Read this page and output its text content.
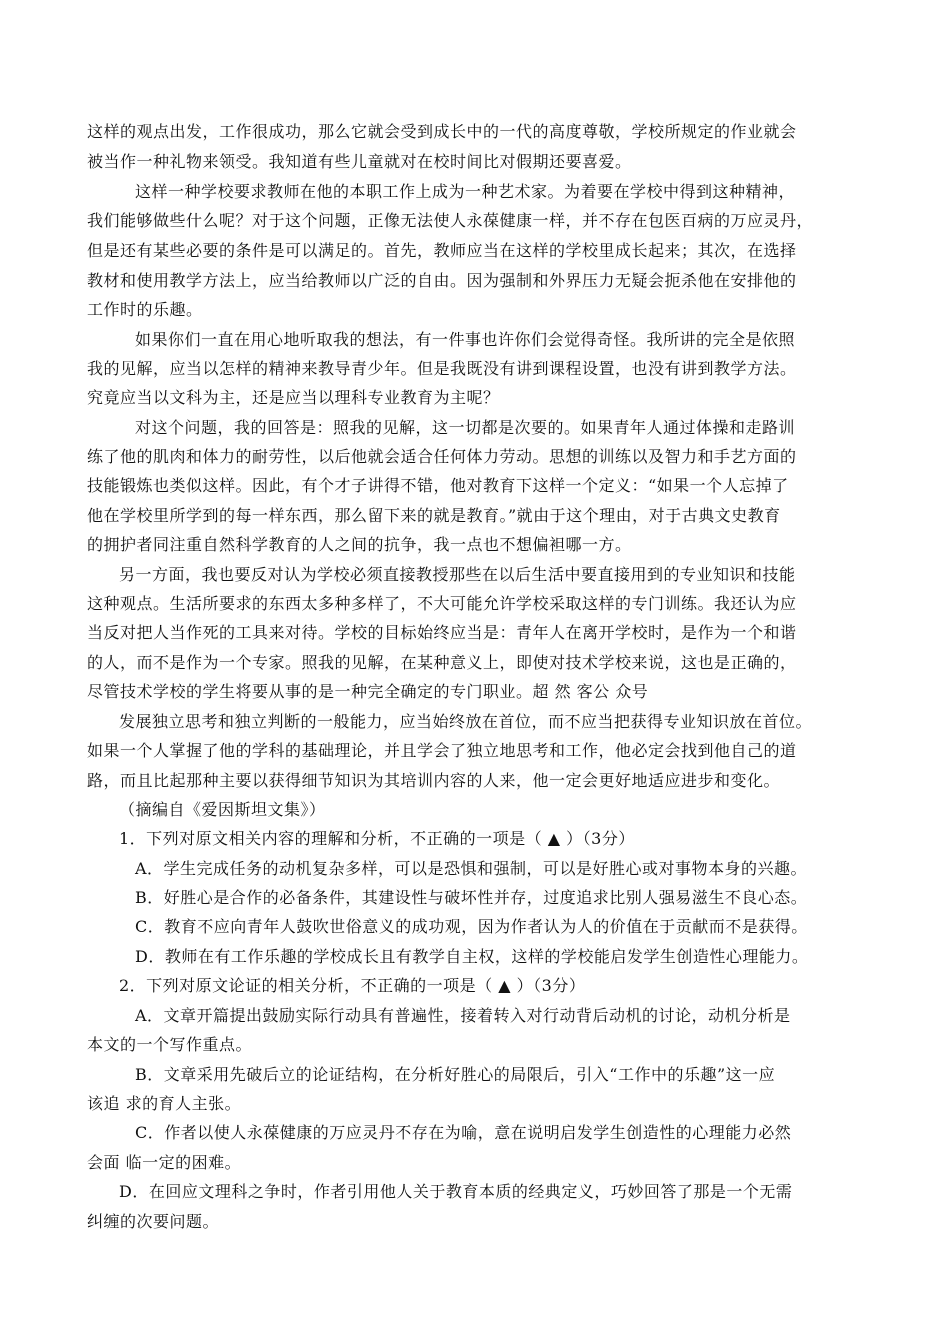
这样的观点出发，工作很成功，那么它就会受到成长中的一代的高度尊敬，学校所规定的作业就会
被当作一种礼物来领受。我知道有些儿童就对在校时间比对假期还要喜爱。
这样一种学校要求教师在他的本职工作上成为一种艺术家。为着要在学校中得到这种精神，
我们能够做些什么呢？对于这个问题，正像无法使人永葆健康一样，并不存在包医百病的万应灵丹，
但是还有某些必要的条件是可以满足的。首先，教师应当在这样的学校里成长起来；其次，在选择
教材和使用教学方法上，应当给教师以广泛的自由。因为强制和外界压力无疑会扼杀他在安排他的
工作时的乐趣。
如果你们一直在用心地听取我的想法，有一件事也许你们会觉得奇怪。我所讲的完全是依照
我的见解，应当以怎样的精神来教导青少年。但是我既没有讲到课程设置，也没有讲到教学方法。
究竟应当以文科为主，还是应当以理科专业教育为主呢？
对这个问题，我的回答是：照我的见解，这一切都是次要的。如果青年人通过体操和走路训
练了他的肌肉和体力的耐劳性，以后他就会适合任何体力劳动。思想的训练以及智力和手艺方面的
技能锻炼也类似这样。因此，有个才子讲得不错，他对教育下这样一个定义：“如果一个人忘掉了
他在学校里所学到的每一样东西，那么留下来的就是教育。”就由于这个理由，对于古典文史教育
的拥护者同注重自然科学教育的人之间的抗争，我一点也不想偏袒哪一方。
另一方面，我也要反对认为学校必须直接教授那些在以后生活中要直接用到的专业知识和技能
这种观点。生活所要求的东西太多种多样了，不大可能允许学校采取这样的专门训练。我还认为应
当反对把人当作死的工具来对待。学校的目标始终应当是：青年人在离开学校时，是作为一个和谐
的人，而不是作为一个专家。照我的见解，在某种意义上，即使对技术学校来说，这也是正确的，
尽管技术学校的学生将要从事的是一种完全确定的专门职业。超 然 客公 众号
发展独立思考和独立判断的一般能力，应当始终放在首位，而不应当把获得专业知识放在首位。
如果一个人掌握了他的学科的基础理论，并且学会了独立地思考和工作，他必定会找到他自己的道
路，而且比起那种主要以获得细节知识为其培训内容的人来，他一定会更好地适应进步和变化。
（摘编自《爱因斯坦文集》）
1．下列对原文相关内容的理解和分析，不正确的一项是（ ▲ ）（3分）
A．学生完成任务的动机复杂多样，可以是恐惧和强制，可以是好胜心或对事物本身的兴趣。
B．好胜心是合作的必备条件，其建设性与破坏性并存，过度追求比别人强易滋生不良心态。
C．教育不应向青年人鼓吹世俗意义的成功观，因为作者认为人的价值在于贡献而不是获得。
D．教师在有工作乐趣的学校成长且有教学自主权，这样的学校能启发学生创造性心理能力。
2．下列对原文论证的相关分析，不正确的一项是（ ▲ ）（3分）
A．文章开篇提出鼓励实际行动具有普遍性，接着转入对行动背后动机的讨论，动机分析是
本文的一个写作重点。
B．文章采用先破后立的论证结构，在分析好胜心的局限后，引入“工作中的乐趣”这一应
该追 求的育人主张。
C．作者以使人永葆健康的万应灵丹不存在为喻，意在说明启发学生创造性的心理能力必然
会面 临一定的困难。
D．在回应文理科之争时，作者引用他人关于教育本质的经典定义，巧妙回答了那是一个无需
纠缠的次要问题。
